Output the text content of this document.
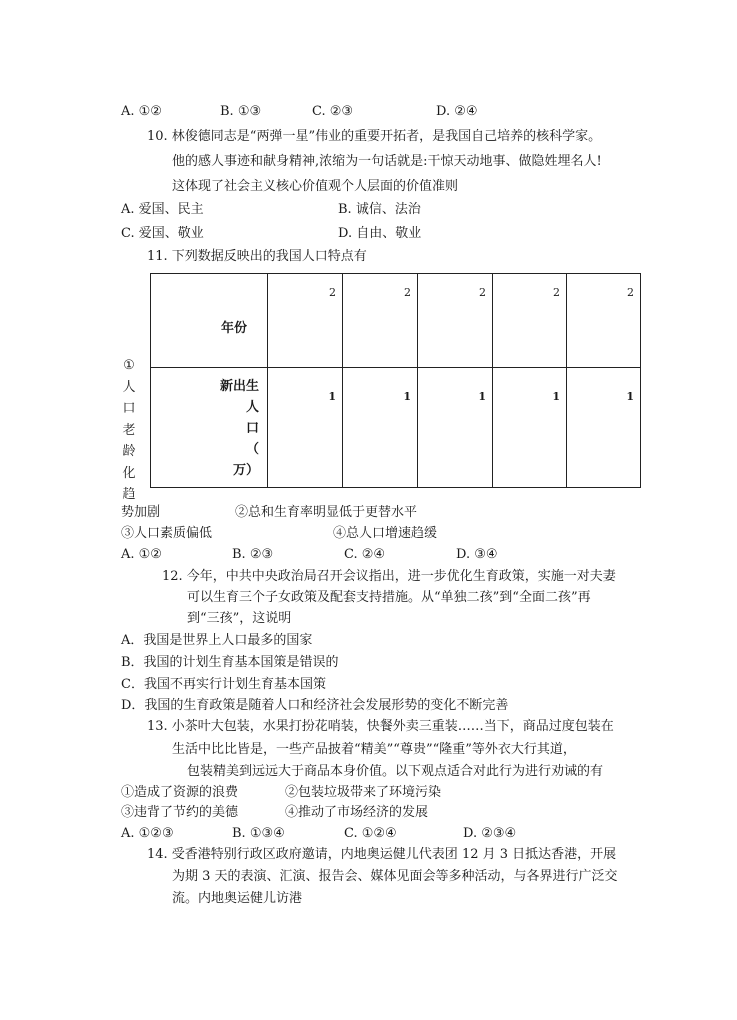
A. ①②	B. ①③	C. ②③	D. ②④
10. 林俊德同志是“两弹一星”伟业的重要开拓者，是我国自己培养的核科学家。
他的感人事迹和献身精神,浓缩为一句话就是:干惊天动地事、做隐姓埋名人!
这体现了社会主义核心价值观个人层面的价值准则
A. 爱国、民主	B. 诚信、法治
C. 爱国、敬业	D. 自由、敬业
11. 下列数据反映出的我国人口特点有
年份	2	2	2	2	2

新出生
人
口
（
万）	1	1	1	1	1
①
人
口
老
龄
化
趋
势加剧	②总和生育率明显低于更替水平
③人口素质偏低	④总人口增速趋缓
A. ①②	B. ②③	C. ②④	D. ③④
12. 今年，中共中央政治局召开会议指出，进一步优化生育政策，实施一对夫妻
可以生育三个子女政策及配套支持措施。从“单独二孩”到“全面二孩”再
到“三孩”，这说明
A．我国是世界上人口最多的国家
B．我国的计划生育基本国策是错误的
C．我国不再实行计划生育基本国策
D．我国的生育政策是随着人口和经济社会发展形势的变化不断完善
13. 小茶叶大包装，水果打扮花哨装，快餐外卖三重装……当下，商品过度包装在
生活中比比皆是，一些产品披着“精美”“尊贵”“隆重”等外衣大行其道，
包装精美到远远大于商品本身价值。以下观点适合对此行为进行劝诫的有
①造成了资源的浪费	②包装垃圾带来了环境污染
③违背了节约的美德	④推动了市场经济的发展
A. ①②③	B. ①③④	C. ①②④	D. ②③④
14. 受香港特别行政区政府邀请，内地奥运健儿代表团 12 月 3 日抵达香港，开展
为期 3 天的表演、汇演、报告会、媒体见面会等多种活动，与各界进行广泛交
流。内地奥运健儿访港
